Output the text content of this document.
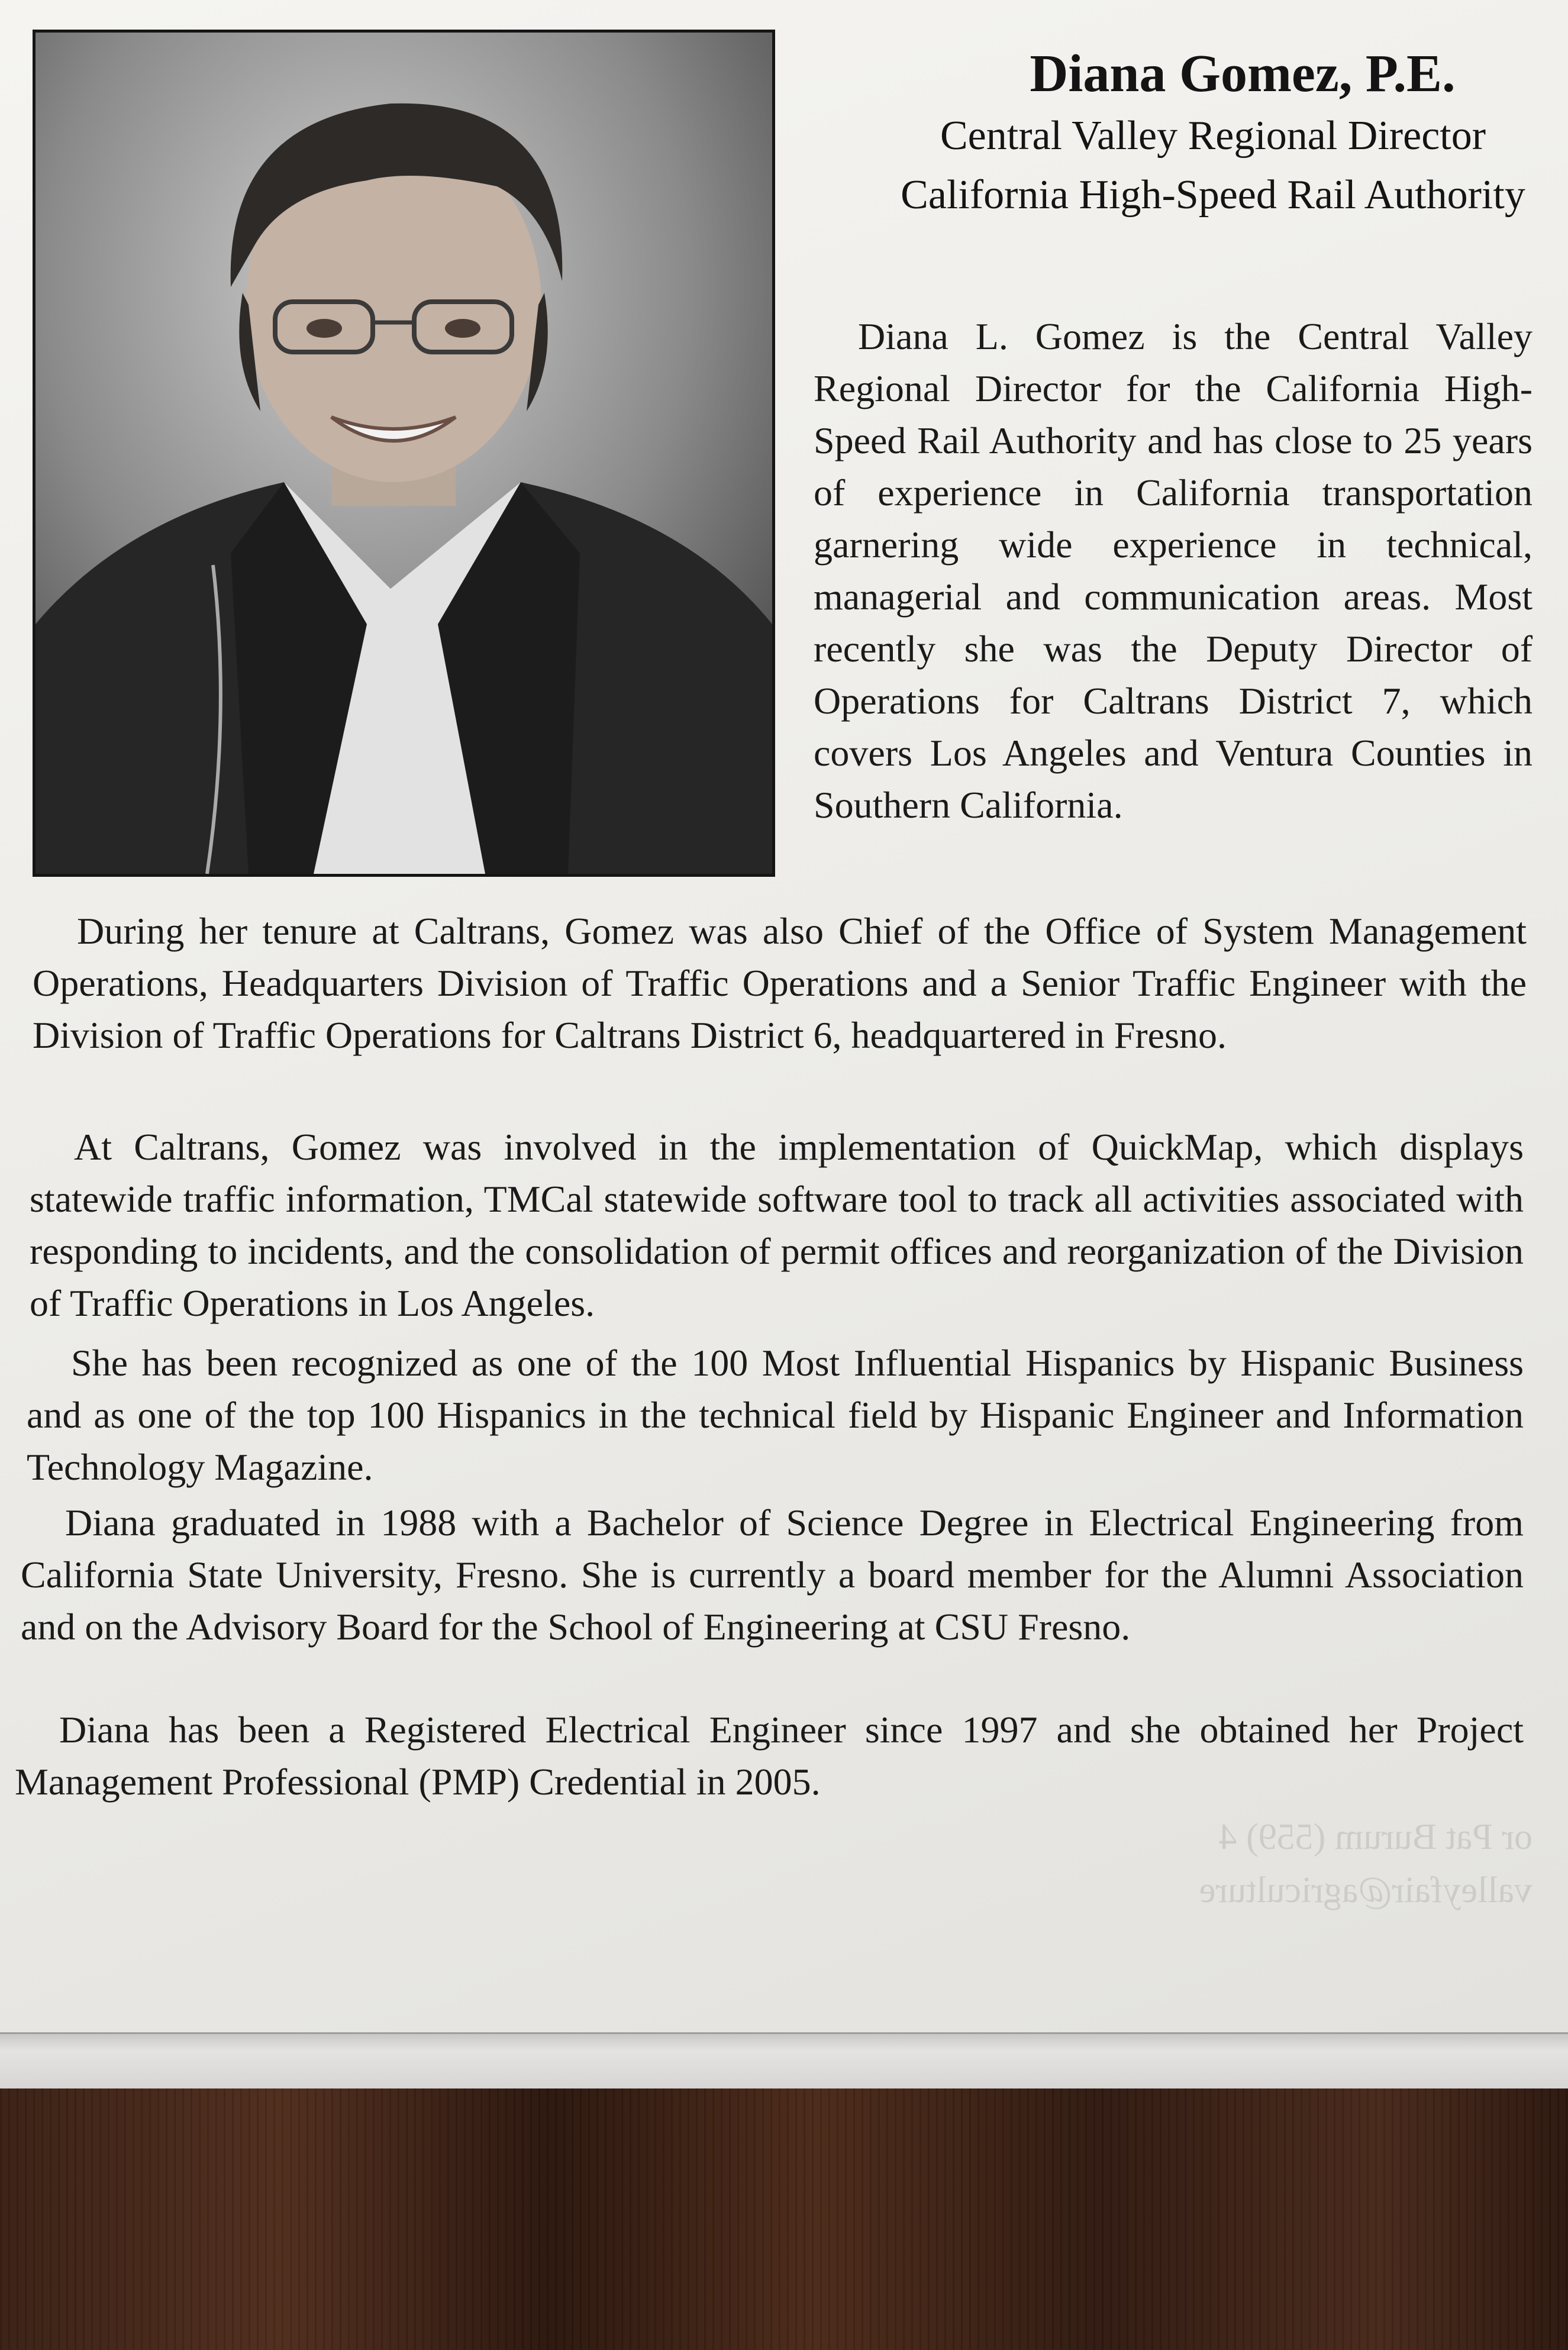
Diana Gomez, P.E.
Central Valley Regional Director
California High-Speed Rail Authority

Diana L. Gomez is the Central Valley Regional Director for the California High-Speed Rail Authority and has close to 25 years of experience in California transportation garnering wide experience in technical, managerial and communication areas. Most recently she was the Deputy Director of Operations for Caltrans District 7, which covers Los Angeles and Ventura Counties in Southern California.

During her tenure at Caltrans, Gomez was also Chief of the Office of System Management Operations, Headquarters Division of Traffic Operations and a Senior Traffic Engineer with the Division of Traffic Operations for Caltrans District 6, headquartered in Fresno.

At Caltrans, Gomez was involved in the implementation of QuickMap, which displays statewide traffic information, TMCal statewide software tool to track all activities associated with responding to incidents, and the consolidation of permit offices and reorganization of the Division of Traffic Operations in Los Angeles.

She has been recognized as one of the 100 Most Influential Hispanics by Hispanic Business and as one of the top 100 Hispanics in the technical field by Hispanic Engineer and Information Technology Magazine.

Diana graduated in 1988 with a Bachelor of Science Degree in Electrical Engineering from California State University, Fresno. She is currently a board member for the Alumni Association and on the Advisory Board for the School of Engineering at CSU Fresno.

Diana has been a Registered Electrical Engineer since 1997 and she obtained her Project Management Professional (PMP) Credential in 2005.

or Pat Burum (559) 4
valleyfair@agriculture
